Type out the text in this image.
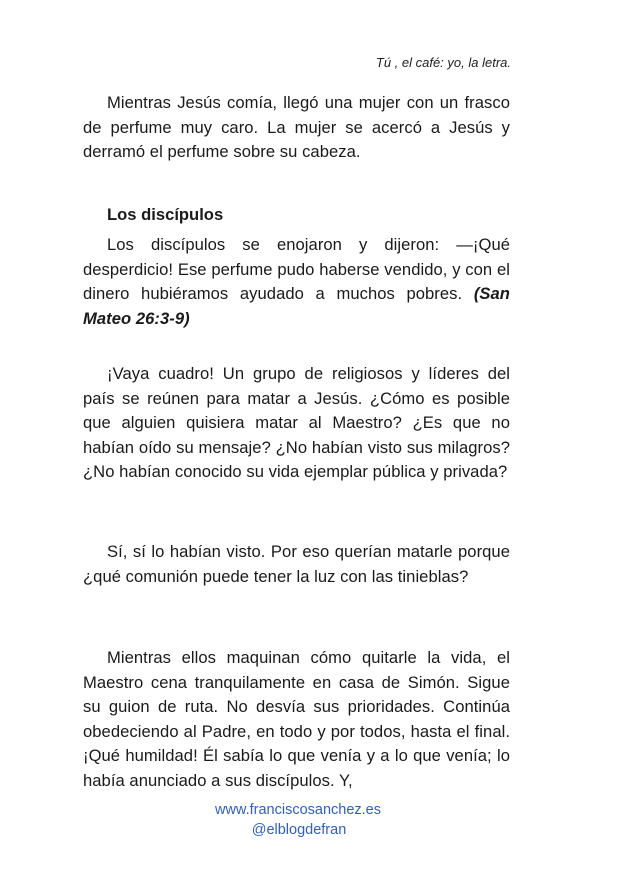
Tú , el café: yo, la letra.

Mientras Jesús comía, llegó una mujer con un frasco de perfume muy caro. La mujer se acercó a Jesús y derramó el perfume sobre su cabeza.

Los discípulos

Los discípulos se enojaron y dijeron: —¡Qué desperdicio! Ese perfume pudo haberse vendido, y con el dinero hubiéramos ayudado a muchos pobres. (San Mateo 26:3-9)

¡Vaya cuadro! Un grupo de religiosos y líderes del país se reúnen para matar a Jesús. ¿Cómo es posible que alguien quisiera matar al Maestro? ¿Es que no habían oído su mensaje? ¿No habían visto sus milagros? ¿No habían conocido su vida ejemplar pública y privada?

Sí, sí lo habían visto. Por eso querían matarle porque ¿qué comunión puede tener la luz con las tinieblas?

Mientras ellos maquinan cómo quitarle la vida, el Maestro cena tranquilamente en casa de Simón. Sigue su guion de ruta. No desvía sus prioridades. Continúa obedeciendo al Padre, en todo y por todos, hasta el final. ¡Qué humildad! Él sabía lo que venía y a lo que venía; lo había anunciado a sus discípulos. Y,

www.franciscosanchez.es
@elblogdefran
